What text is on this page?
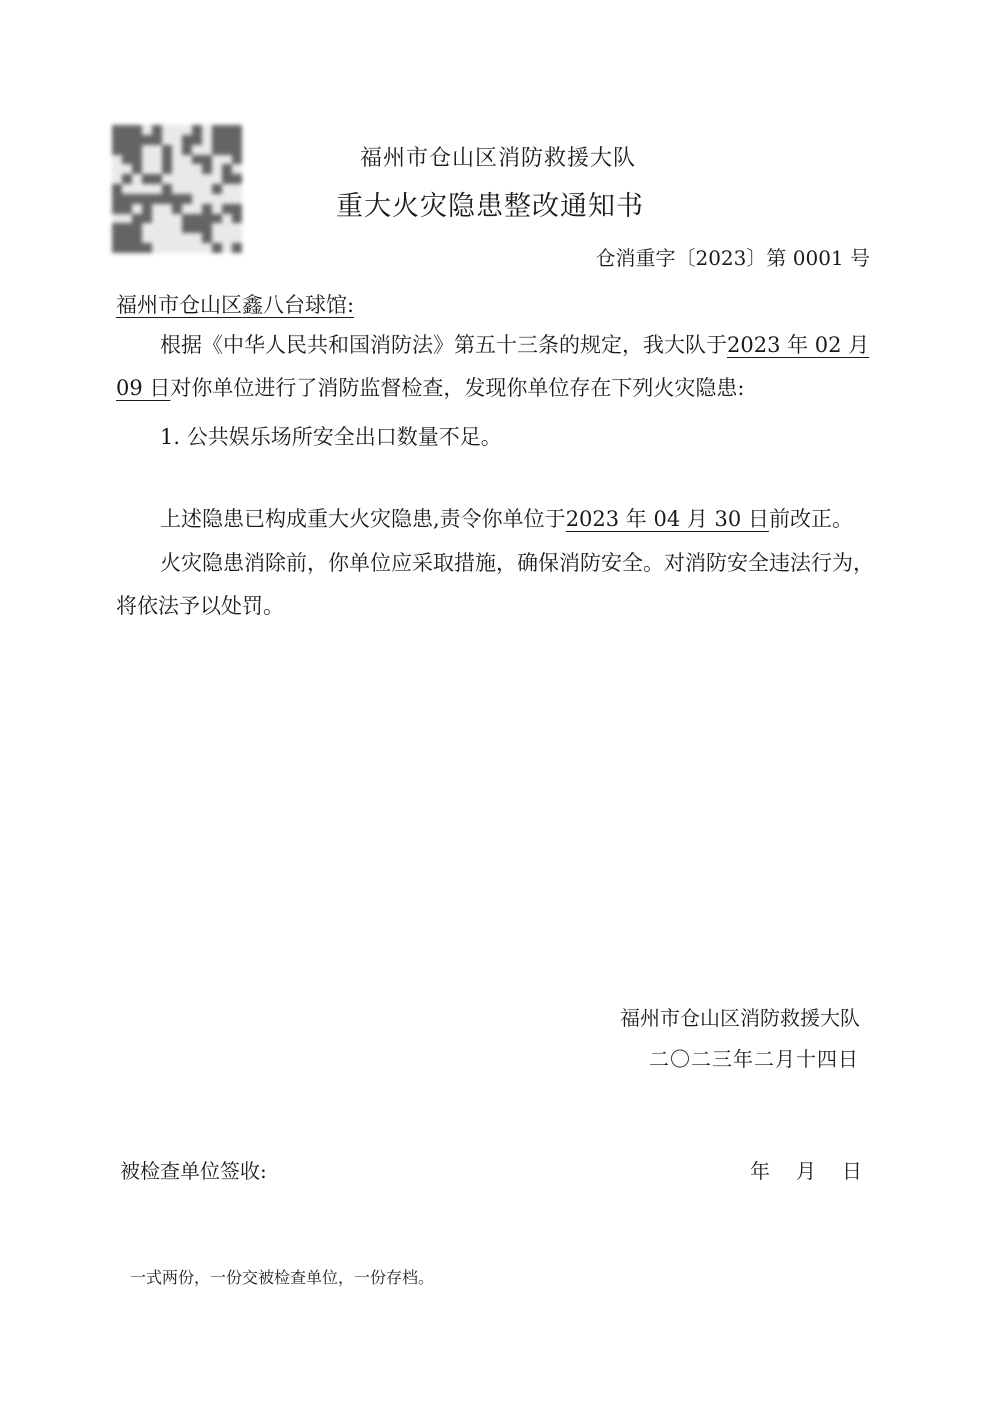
福州市仓山区消防救援大队
重大火灾隐患整改通知书
仓消重字〔2023〕第 0001 号
福州市仓山区鑫八台球馆:
根据《中华人民共和国消防法》第五十三条的规定，我大队于2023 年 02 月 09 日对你单位进行了消防监督检查，发现你单位存在下列火灾隐患:
1. 公共娱乐场所安全出口数量不足。
上述隐患已构成重大火灾隐患,责令你单位于2023 年 04 月 30 日前改正。
火灾隐患消除前，你单位应采取措施，确保消防安全。对消防安全违法行为，将依法予以处罚。
福州市仓山区消防救援大队
二〇二三年二月十四日
被检查单位签收:	年 月 日
一式两份，一份交被检查单位，一份存档。
